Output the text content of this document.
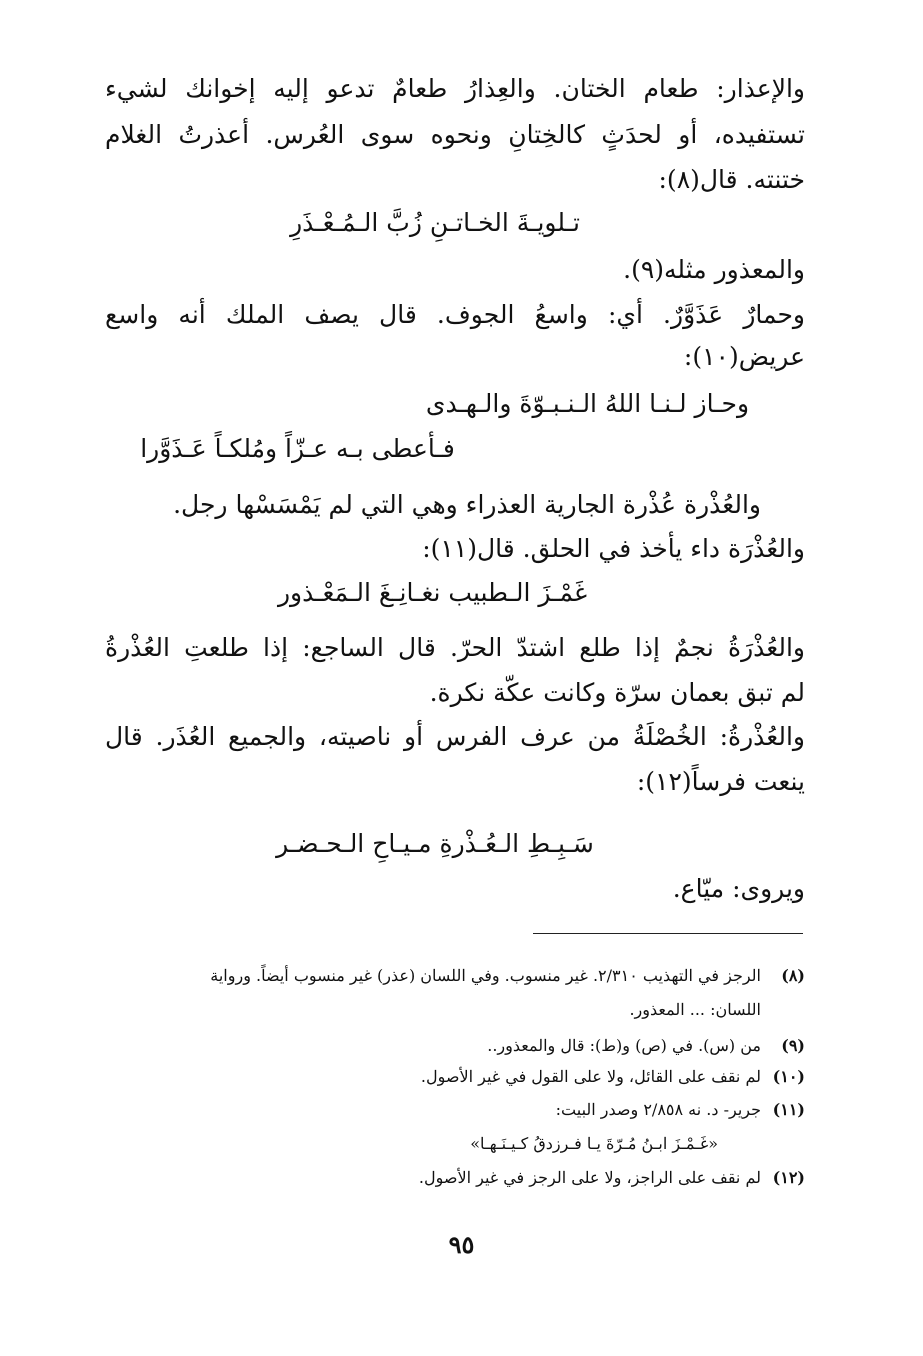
والإعذار: طعام الختان. والعِذارُ طعامٌ تدعو إليه إخوانك لشيء
تستفيده، أو لحدَثٍ كالخِتانِ ونحوه سوى العُرس. أعذرتُ الغلام
ختنته. قال(٨):
تـلويـةَ الخـاتـنِ زُبَّ الـمُـعْـذَرِ
والمعذور مثله(٩).
وحمارٌ عَذَوَّرٌ. أي: واسعُ الجوف. قال يصف الملك أنه واسع
عريض(١٠):
وحـاز لـنـا اللهُ الـنـبـوّةَ والـهـدى
فـأعطى بـه عـزّاً ومُلكـاً عَـذَوَّرا
والعُذْرة عُذْرة الجارية العذراء وهي التي لم يَمْسَسْها رجل.
والعُذْرَة داء يأخذ في الحلق. قال(١١):
غَمْـزَ الـطبيب نغـانِـغَ الـمَعْـذور
والعُذْرَةُ نجمٌ إذا طلع اشتدّ الحرّ. قال الساجع: إذا طلعتِ العُذْرةُ
لم تبق بعمان سرّة وكانت عكّة نكرة.
والعُذْرةُ: الخُصْلَةُ من عرف الفرس أو ناصيته، والجميع العُذَر. قال
ينعت فرساً(١٢):
سَـبِـطِ الـعُـذْرةِ مـيـاحِ الـحـضـر
ويروى: ميّاع.
(٨)
الرجز في التهذيب ٢/٣١٠. غير منسوب. وفي اللسان (عذر) غير منسوب أيضاً. ورواية
اللسان: ... المعذور.
(٩)
من (س). في (ص) و(ط): قال والمعذور..
(١٠)
لم نقف على القائل، ولا على القول في غير الأصول.
(١١)
جرير- د. نه ٢/٨٥٨ وصدر البيت:
«غَـمْـزَ ابـنُ مُـرّةَ يـا فـرزدقُ كـيـنَـهـا»
(١٢)
لم نقف على الراجز، ولا على الرجز في غير الأصول.
٩٥
